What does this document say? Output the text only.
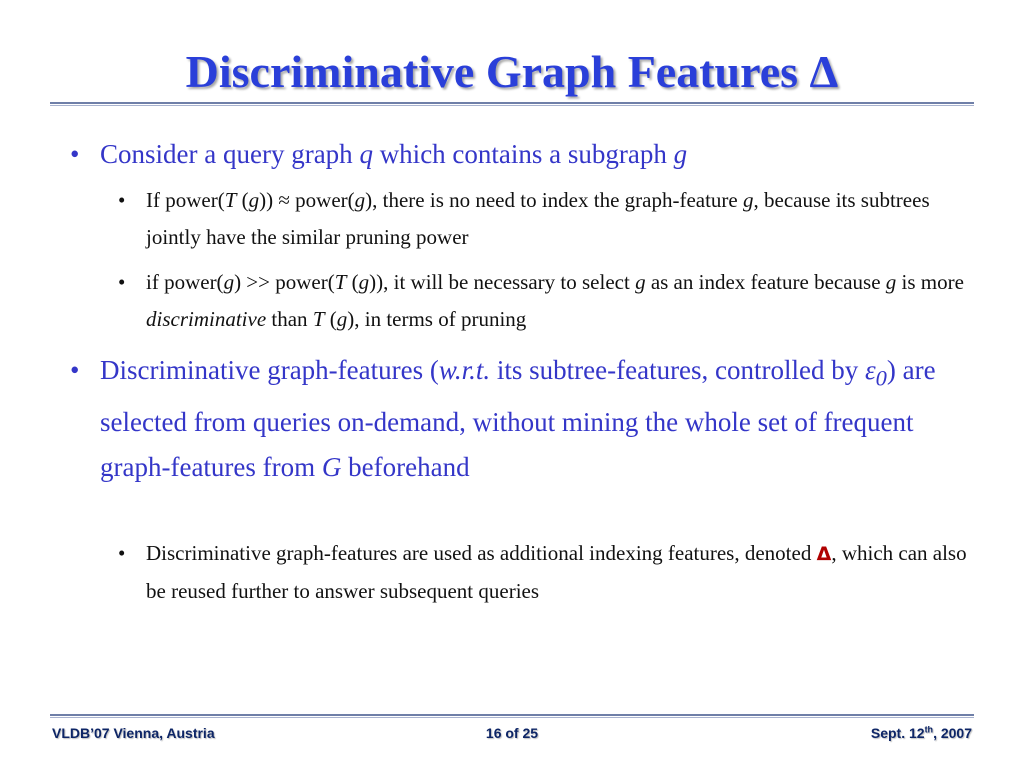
Discriminative Graph Features Δ
• Consider a query graph q which contains a subgraph g
• If power(T (g)) ≈ power(g), there is no need to index the graph-feature g, because its subtrees jointly have the similar pruning power
• if power(g) >> power(T (g)), it will be necessary to select g as an index feature because g is more discriminative than T (g), in terms of pruning
• Discriminative graph-features (w.r.t. its subtree-features, controlled by $\varepsilon_0$) are selected from queries on-demand, without mining the whole set of frequent graph-features from G beforehand
• Discriminative graph-features are used as additional indexing features, denoted Δ, which can also be reused further to answer subsequent queries
VLDB’07 Vienna, Austria	16 of 25	Sept. 12th, 2007
